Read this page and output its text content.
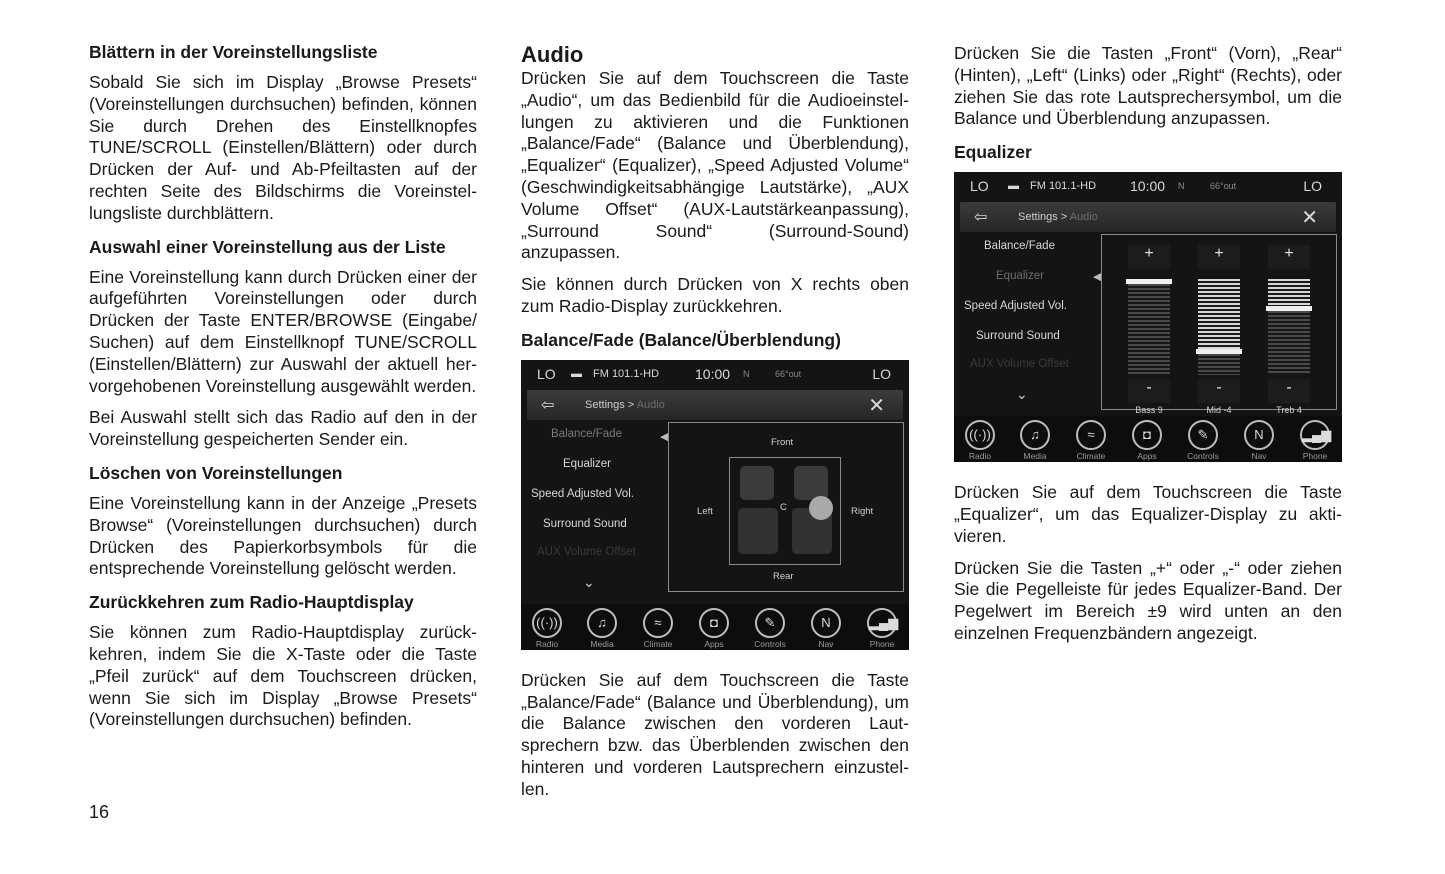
Blättern in der Voreinstellungsliste

Sobald Sie sich im Display „Browse Presets“ (Voreinstellungen durchsuchen) befinden, können Sie durch Drehen des Einstellknopfes TUNE/SCROLL (Einstellen/Blättern) oder durch Drücken der Auf- und Ab-Pfeiltasten auf der rechten Seite des Bildschirms die Voreinstellungsliste durchblättern.

Auswahl einer Voreinstellung aus der Liste

Eine Voreinstellung kann durch Drücken einer der aufgeführten Voreinstellungen oder durch Drücken der Taste ENTER/BROWSE (Eingabe/ Suchen) auf dem Einstellknopf TUNE/SCROLL (Einstellen/Blättern) zur Auswahl der aktuell hervorgehobenen Voreinstellung ausgewählt werden.

Bei Auswahl stellt sich das Radio auf den in der Voreinstellung gespeicherten Sender ein.

Löschen von Voreinstellungen

Eine Voreinstellung kann in der Anzeige „Presets Browse“ (Voreinstellungen durchsuchen) durch Drücken des Papierkorbsymbols für die entsprechende Voreinstellung gelöscht werden.

Zurückkehren zum Radio-Hauptdisplay

Sie können zum Radio-Hauptdisplay zurückkehren, indem Sie die X-Taste oder die Taste „Pfeil zurück“ auf dem Touchscreen drücken, wenn Sie sich im Display „Browse Presets“ (Voreinstellungen durchsuchen) befinden.

Audio

Drücken Sie auf dem Touchscreen die Taste „Audio“, um das Bedienbild für die Audioeinstellungen zu aktivieren und die Funktionen „Balance/Fade“ (Balance und Überblendung), „Equalizer“ (Equalizer), „Speed Adjusted Volume“ (Geschwindigkeitsabhängige Lautstärke), „AUX Volume Offset“ (AUX-Lautstärkeanpassung), „Surround Sound“ (Surround-Sound) anzupassen.

Sie können durch Drücken von X rechts oben zum Radio-Display zurückkehren.

Balance/Fade (Balance/Überblendung)
LO ▬ FM 101.1-HD	10:00 N	66°out	LO
⇦	Settings > Audio	✕
Balance/Fade
Equalizer
Speed Adjusted Vol.
Surround Sound
AUX Volume Offset
⌄
◀	Front
Rear
Left	Right
C
((·))
Radio
♫
Media
≈
Climate
◘
Apps
✎
Controls
N
Nav
▂▄▆
Phone

Drücken Sie auf dem Touchscreen die Taste „Balance/Fade“ (Balance und Überblendung), um die Balance zwischen den vorderen Lautsprechern bzw. das Überblenden zwischen den hinteren und vorderen Lautsprechern einzustellen.

Drücken Sie die Tasten „Front“ (Vorn), „Rear“ (Hinten), „Left“ (Links) oder „Right“ (Rechts), oder ziehen Sie das rote Lautsprechersymbol, um die Balance und Überblendung anzupassen.

Equalizer
LO ▬ FM 101.1-HD 10:00 N	66°out	LO
⇦	Settings > Audio	✕
Balance/Fade
Equalizer
Speed Adjusted Vol.
Surround Sound
AUX Volume Offset
⌄
◀
+
-
Bass 9
+
-
Mid -4
+
-
Treb 4
((·))
Radio
♫
Media
≈
Climate
◘
Apps
✎
Controls
N
Nav
▂▄▆
Phone

Drücken Sie auf dem Touchscreen die Taste „Equalizer“, um das Equalizer-Display zu aktivieren.

Drücken Sie die Tasten „+“ oder „-“ oder ziehen Sie die Pegelleiste für jedes Equalizer-Band. Der Pegelwert im Bereich ±9 wird unten an den einzelnen Frequenzbändern angezeigt.

16
